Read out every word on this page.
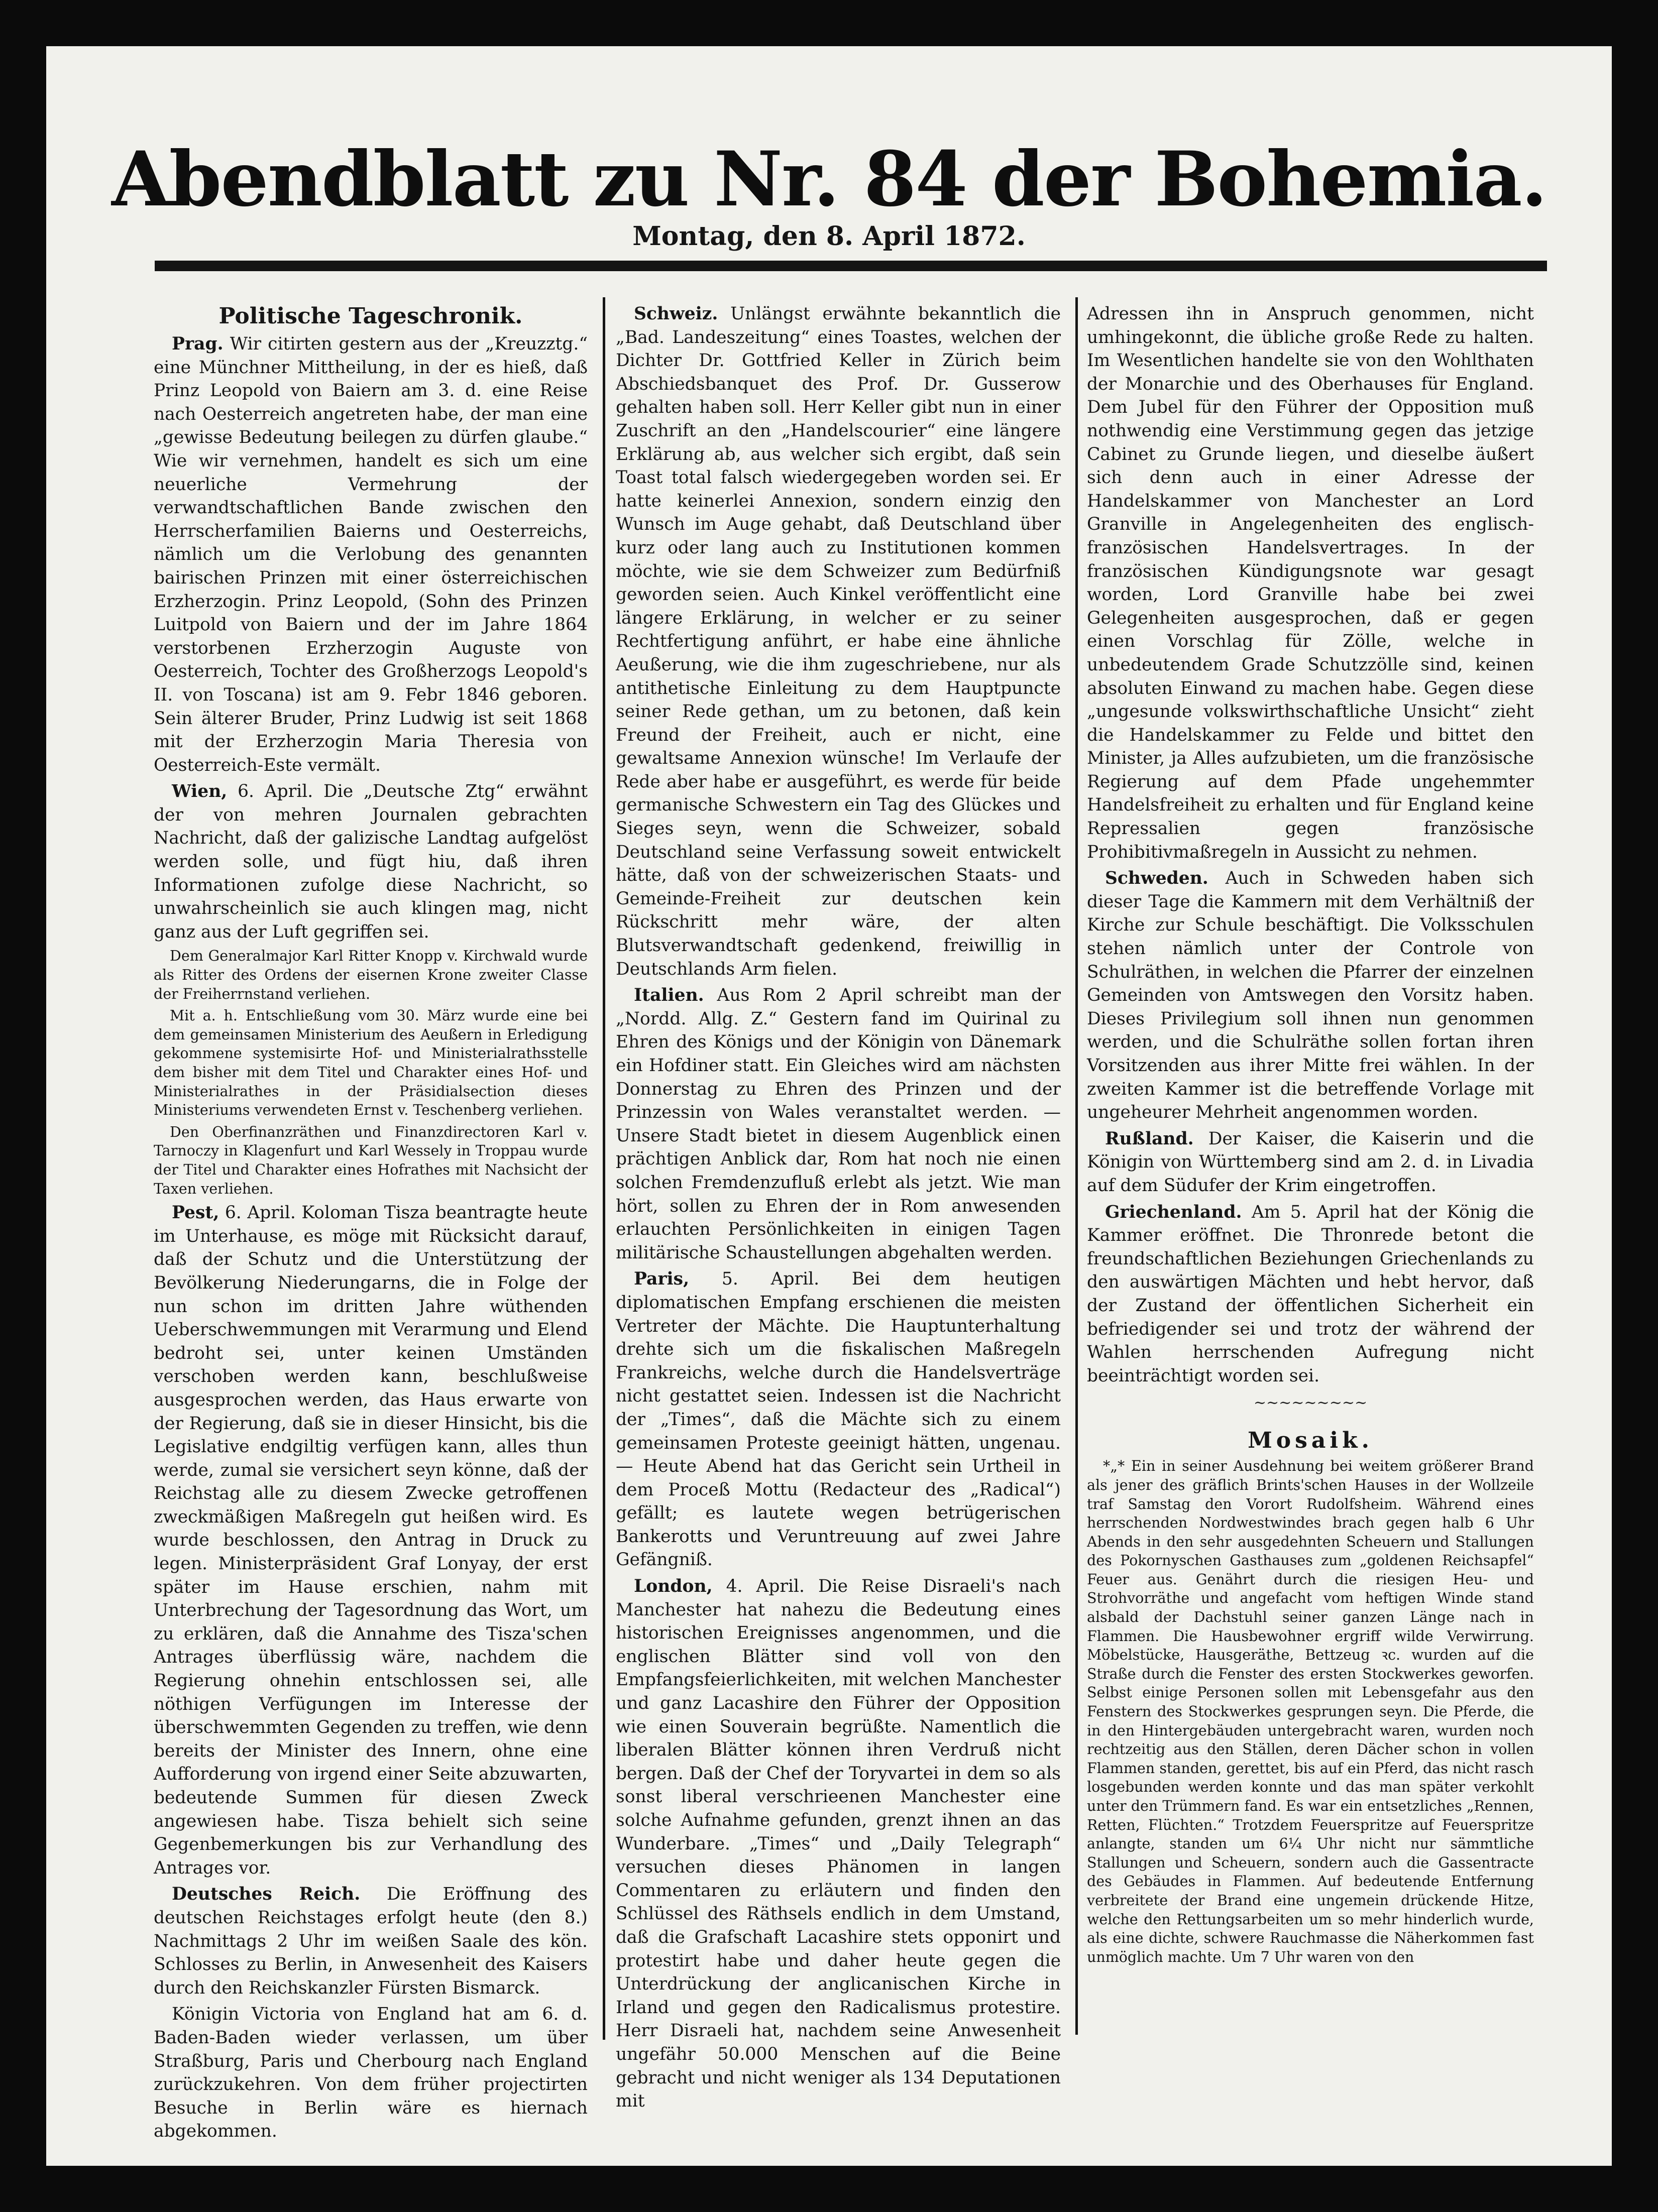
Abendblatt zu Nr. 84 der Bohemia.
Montag, den 8. April 1872.
Politische Tageschronik.

Prag. Wir citirten gestern aus der „Kreuzztg.“ eine Münchner Mittheilung, in der es hieß, daß Prinz Leopold von Baiern am 3. d. eine Reise nach Oesterreich angetreten habe, der man eine „gewisse Bedeutung beilegen zu dürfen glaube.“ Wie wir vernehmen, handelt es sich um eine neuerliche Vermehrung der verwandtschaftlichen Bande zwischen den Herrscherfamilien Baierns und Oesterreichs, nämlich um die Verlobung des genannten bairischen Prinzen mit einer österreichischen Erzherzogin. Prinz Leopold, (Sohn des Prinzen Luitpold von Baiern und der im Jahre 1864 verstorbenen Erzherzogin Auguste von Oesterreich, Tochter des Großherzogs Leopold's II. von Toscana) ist am 9. Febr 1846 geboren. Sein älterer Bruder, Prinz Ludwig ist seit 1868 mit der Erzherzogin Maria Theresia von Oesterreich-Este vermält.

Wien, 6. April. Die „Deutsche Ztg“ erwähnt der von mehren Journalen gebrachten Nachricht, daß der galizische Landtag aufgelöst werden solle, und fügt hiu, daß ihren Informationen zufolge diese Nachricht, so unwahrscheinlich sie auch klingen mag, nicht ganz aus der Luft gegriffen sei.

Dem Generalmajor Karl Ritter Knopp v. Kirchwald wurde als Ritter des Ordens der eisernen Krone zweiter Classe der Freiherrnstand verliehen.

Mit a. h. Entschließung vom 30. März wurde eine bei dem gemeinsamen Ministerium des Aeußern in Erledigung gekommene systemisirte Hof- und Ministerialrathsstelle dem bisher mit dem Titel und Charakter eines Hof- und Ministerialrathes in der Präsidialsection dieses Ministeriums verwendeten Ernst v. Teschenberg verliehen.

Den Oberfinanzräthen und Finanzdirectoren Karl v. Tarnoczy in Klagenfurt und Karl Wessely in Troppau wurde der Titel und Charakter eines Hofrathes mit Nachsicht der Taxen verliehen.

Pest, 6. April. Koloman Tisza beantragte heute im Unterhause, es möge mit Rücksicht darauf, daß der Schutz und die Unterstützung der Bevölkerung Niederungarns, die in Folge der nun schon im dritten Jahre wüthenden Ueberschwemmungen mit Verarmung und Elend bedroht sei, unter keinen Umständen verschoben werden kann, beschlußweise ausgesprochen werden, das Haus erwarte von der Regierung, daß sie in dieser Hinsicht, bis die Legislative endgiltig verfügen kann, alles thun werde, zumal sie versichert seyn könne, daß der Reichstag alle zu diesem Zwecke getroffenen zweckmäßigen Maßregeln gut heißen wird. Es wurde beschlossen, den Antrag in Druck zu legen. Ministerpräsident Graf Lonyay, der erst später im Hause erschien, nahm mit Unterbrechung der Tagesordnung das Wort, um zu erklären, daß die Annahme des Tisza'schen Antrages überflüssig wäre, nachdem die Regierung ohnehin entschlossen sei, alle nöthigen Verfügungen im Interesse der überschwemmten Gegenden zu treffen, wie denn bereits der Minister des Innern, ohne eine Aufforderung von irgend einer Seite abzuwarten, bedeutende Summen für diesen Zweck angewiesen habe. Tisza behielt sich seine Gegenbemerkungen bis zur Verhandlung des Antrages vor.

Deutsches Reich. Die Eröffnung des deutschen Reichstages erfolgt heute (den 8.) Nachmittags 2 Uhr im weißen Saale des kön. Schlosses zu Berlin, in Anwesenheit des Kaisers durch den Reichskanzler Fürsten Bismarck.

Königin Victoria von England hat am 6. d. Baden-Baden wieder verlassen, um über Straßburg, Paris und Cherbourg nach England zurückzukehren. Von dem früher projectirten Besuche in Berlin wäre es hiernach abgekommen.

Schweiz. Unlängst erwähnte bekanntlich die „Bad. Landeszeitung“ eines Toastes, welchen der Dichter Dr. Gottfried Keller in Zürich beim Abschiedsbanquet des Prof. Dr. Gusserow gehalten haben soll. Herr Keller gibt nun in einer Zuschrift an den „Handelscourier“ eine längere Erklärung ab, aus welcher sich ergibt, daß sein Toast total falsch wiedergegeben worden sei. Er hatte keinerlei Annexion, sondern einzig den Wunsch im Auge gehabt, daß Deutschland über kurz oder lang auch zu Institutionen kommen möchte, wie sie dem Schweizer zum Bedürfniß geworden seien. Auch Kinkel veröffentlicht eine längere Erklärung, in welcher er zu seiner Rechtfertigung anführt, er habe eine ähnliche Aeußerung, wie die ihm zugeschriebene, nur als antithetische Einleitung zu dem Hauptpuncte seiner Rede gethan, um zu betonen, daß kein Freund der Freiheit, auch er nicht, eine gewaltsame Annexion wünsche! Im Verlaufe der Rede aber habe er ausgeführt, es werde für beide germanische Schwestern ein Tag des Glückes und Sieges seyn, wenn die Schweizer, sobald Deutschland seine Verfassung soweit entwickelt hätte, daß von der schweizerischen Staats- und Gemeinde-Freiheit zur deutschen kein Rückschritt mehr wäre, der alten Blutsverwandtschaft gedenkend, freiwillig in Deutschlands Arm fielen.

Italien. Aus Rom 2 April schreibt man der „Nordd. Allg. Z.“ Gestern fand im Quirinal zu Ehren des Königs und der Königin von Dänemark ein Hofdiner statt. Ein Gleiches wird am nächsten Donnerstag zu Ehren des Prinzen und der Prinzessin von Wales veranstaltet werden. — Unsere Stadt bietet in diesem Augenblick einen prächtigen Anblick dar, Rom hat noch nie einen solchen Fremdenzufluß erlebt als jetzt. Wie man hört, sollen zu Ehren der in Rom anwesenden erlauchten Persönlichkeiten in einigen Tagen militärische Schaustellungen abgehalten werden.

Paris, 5. April. Bei dem heutigen diplomatischen Empfang erschienen die meisten Vertreter der Mächte. Die Hauptunterhaltung drehte sich um die fiskalischen Maßregeln Frankreichs, welche durch die Handelsverträge nicht gestattet seien. Indessen ist die Nachricht der „Times“, daß die Mächte sich zu einem gemeinsamen Proteste geeinigt hätten, ungenau. — Heute Abend hat das Gericht sein Urtheil in dem Proceß Mottu (Redacteur des „Radical“) gefällt; es lautete wegen betrügerischen Bankerotts und Veruntreuung auf zwei Jahre Gefängniß.

London, 4. April. Die Reise Disraeli's nach Manchester hat nahezu die Bedeutung eines historischen Ereignisses angenommen, und die englischen Blätter sind voll von den Empfangsfeierlichkeiten, mit welchen Manchester und ganz Lacashire den Führer der Opposition wie einen Souverain begrüßte. Namentlich die liberalen Blätter können ihren Verdruß nicht bergen. Daß der Chef der Toryvartei in dem so als sonst liberal verschrieenen Manchester eine solche Aufnahme gefunden, grenzt ihnen an das Wunderbare. „Times“ und „Daily Telegraph“ versuchen dieses Phänomen in langen Commentaren zu erläutern und finden den Schlüssel des Räthsels endlich in dem Umstand, daß die Grafschaft Lacashire stets opponirt und protestirt habe und daher heute gegen die Unterdrückung der anglicanischen Kirche in Irland und gegen den Radicalismus protestire. Herr Disraeli hat, nachdem seine Anwesenheit ungefähr 50.000 Menschen auf die Beine gebracht und nicht weniger als 134 Deputationen mit

Adressen ihn in Anspruch genommen, nicht umhingekonnt, die übliche große Rede zu halten. Im Wesentlichen handelte sie von den Wohlthaten der Monarchie und des Oberhauses für England. Dem Jubel für den Führer der Opposition muß nothwendig eine Verstimmung gegen das jetzige Cabinet zu Grunde liegen, und dieselbe äußert sich denn auch in einer Adresse der Handelskammer von Manchester an Lord Granville in Angelegenheiten des englisch-französischen Handelsvertrages. In der französischen Kündigungsnote war gesagt worden, Lord Granville habe bei zwei Gelegenheiten ausgesprochen, daß er gegen einen Vorschlag für Zölle, welche in unbedeutendem Grade Schutzzölle sind, keinen absoluten Einwand zu machen habe. Gegen diese „ungesunde volkswirthschaftliche Unsicht“ zieht die Handelskammer zu Felde und bittet den Minister, ja Alles aufzubieten, um die französische Regierung auf dem Pfade ungehemmter Handelsfreiheit zu erhalten und für England keine Repressalien gegen französische Prohibitivmaßregeln in Aussicht zu nehmen.

Schweden. Auch in Schweden haben sich dieser Tage die Kammern mit dem Verhältniß der Kirche zur Schule beschäftigt. Die Volksschulen stehen nämlich unter der Controle von Schulräthen, in welchen die Pfarrer der einzelnen Gemeinden von Amtswegen den Vorsitz haben. Dieses Privilegium soll ihnen nun genommen werden, und die Schulräthe sollen fortan ihren Vorsitzenden aus ihrer Mitte frei wählen. In der zweiten Kammer ist die betreffende Vorlage mit ungeheurer Mehrheit angenommen worden.

Rußland. Der Kaiser, die Kaiserin und die Königin von Württemberg sind am 2. d. in Livadia auf dem Südufer der Krim eingetroffen.

Griechenland. Am 5. April hat der König die Kammer eröffnet. Die Thronrede betont die freundschaftlichen Beziehungen Griechenlands zu den auswärtigen Mächten und hebt hervor, daß der Zustand der öffentlichen Sicherheit ein befriedigender sei und trotz der während der Wahlen herrschenden Aufregung nicht beeinträchtigt worden sei.

~~~~~~~~~
Mosaik.

*„* Ein in seiner Ausdehnung bei weitem größerer Brand als jener des gräflich Brints'schen Hauses in der Wollzeile traf Samstag den Vorort Rudolfsheim. Während eines herrschenden Nordwestwindes brach gegen halb 6 Uhr Abends in den sehr ausgedehnten Scheuern und Stallungen des Pokornyschen Gasthauses zum „goldenen Reichsapfel“ Feuer aus. Genährt durch die riesigen Heu- und Strohvorräthe und angefacht vom heftigen Winde stand alsbald der Dachstuhl seiner ganzen Länge nach in Flammen. Die Hausbewohner ergriff wilde Verwirrung. Möbelstücke, Hausgeräthe, Bettzeug ꝛc. wurden auf die Straße durch die Fenster des ersten Stockwerkes geworfen. Selbst einige Personen sollen mit Lebensgefahr aus den Fenstern des Stockwerkes gesprungen seyn. Die Pferde, die in den Hintergebäuden untergebracht waren, wurden noch rechtzeitig aus den Ställen, deren Dächer schon in vollen Flammen standen, gerettet, bis auf ein Pferd, das nicht rasch losgebunden werden konnte und das man später verkohlt unter den Trümmern fand. Es war ein entsetzliches „Rennen, Retten, Flüchten.“ Trotzdem Feuerspritze auf Feuerspritze anlangte, standen um 6¼ Uhr nicht nur sämmtliche Stallungen und Scheuern, sondern auch die Gassentracte des Gebäudes in Flammen. Auf bedeutende Entfernung verbreitete der Brand eine ungemein drückende Hitze, welche den Rettungsarbeiten um so mehr hinderlich wurde, als eine dichte, schwere Rauchmasse die Näherkommen fast unmöglich machte. Um 7 Uhr waren von den
